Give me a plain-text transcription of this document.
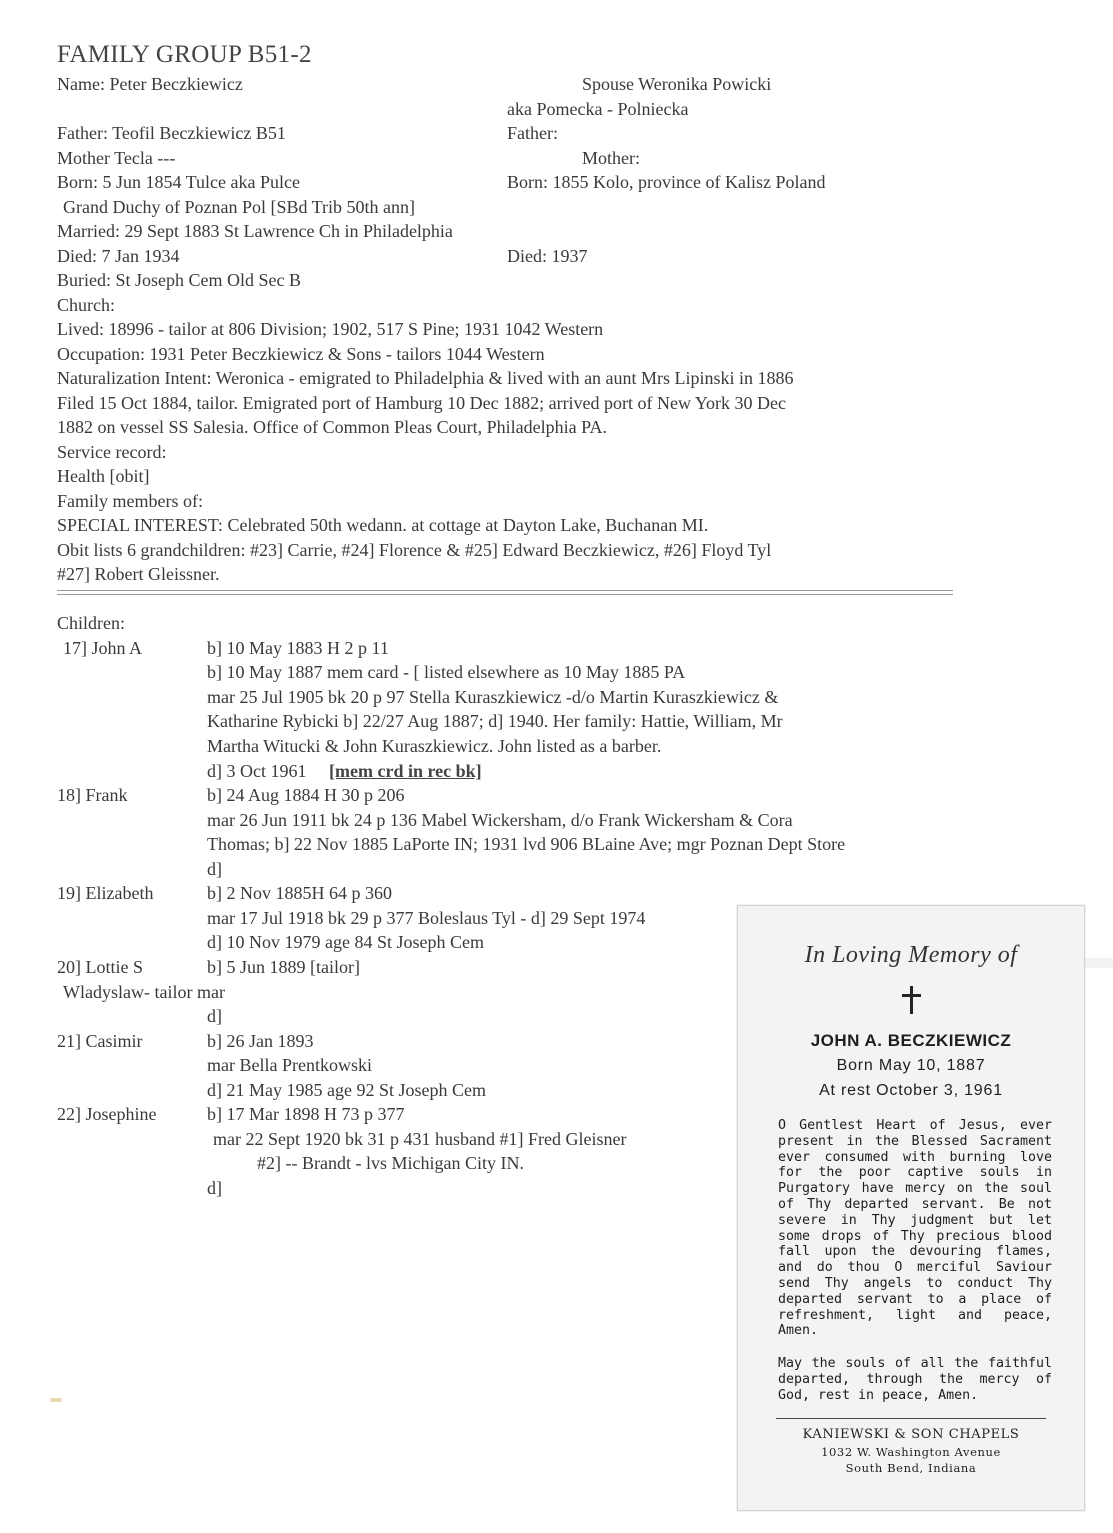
FAMILY GROUP B51-2
Name: Peter Beczkiewicz	Spouse Weronika Powicki
aka Pomecka - Polniecka
Father: Teofil Beczkiewicz B51	Father:
Mother Tecla ---	Mother:
Born: 5 Jun 1854 Tulce aka Pulce	Born: 1855 Kolo, province of Kalisz Poland
Grand Duchy of Poznan Pol [SBd Trib 50th ann]
Married: 29 Sept 1883 St Lawrence Ch in Philadelphia
Died: 7 Jan 1934	Died: 1937
Buried: St Joseph Cem Old Sec B
Church:
Lived: 18996 - tailor at 806 Division; 1902, 517 S Pine; 1931 1042 Western
Occupation: 1931 Peter Beczkiewicz & Sons - tailors 1044 Western
Naturalization Intent: Weronica - emigrated to Philadelphia & lived with an aunt Mrs Lipinski in 1886
Filed 15 Oct 1884, tailor. Emigrated port of Hamburg 10 Dec 1882; arrived port of New York 30 Dec
1882 on vessel SS Salesia. Office of Common Pleas Court, Philadelphia PA.
Service record:
Health [obit]
Family members of:
SPECIAL INTEREST: Celebrated 50th wedann. at cottage at Dayton Lake, Buchanan MI.
Obit lists 6 grandchildren: #23] Carrie, #24] Florence & #25] Edward Beczkiewicz, #26] Floyd Tyl
#27] Robert Gleissner.
Children:
17] John A	b] 10 May 1883 H 2 p 11
b] 10 May 1887 mem card - [ listed elsewhere as 10 May 1885 PA
mar 25 Jul 1905 bk 20 p 97 Stella Kuraszkiewicz -d/o Martin Kuraszkiewicz &
Katharine Rybicki b] 22/27 Aug 1887; d] 1940. Her family: Hattie, William, Mr
Martha Witucki & John Kuraszkiewicz. John listed as a barber.
d] 3 Oct 1961 [mem crd in rec bk]
18] Frank	b] 24 Aug 1884 H 30 p 206
mar 26 Jun 1911 bk 24 p 136 Mabel Wickersham, d/o Frank Wickersham & Cora
Thomas; b] 22 Nov 1885 LaPorte IN; 1931 lvd 906 BLaine Ave; mgr Poznan Dept Store
d]
19] Elizabeth	b] 2 Nov 1885H 64 p 360
mar 17 Jul 1918 bk 29 p 377 Boleslaus Tyl - d] 29 Sept 1974
d] 10 Nov 1979 age 84 St Joseph Cem
20] Lottie S	b] 5 Jun 1889 [tailor]
Wladyslaw- tailor mar
d]
21] Casimir	b] 26 Jan 1893
mar Bella Prentkowski
d] 21 May 1985 age 92 St Joseph Cem
22] Josephine	b] 17 Mar 1898 H 73 p 377
mar 22 Sept 1920 bk 31 p 431 husband #1] Fred Gleisner
#2] -- Brandt - lvs Michigan City IN.
d]
In Loving Memory of
JOHN A. BECZKIEWICZ
Born May 10, 1887
At rest October 3, 1961
O Gentlest Heart of Jesus, ever present in the Blessed Sacrament ever consumed with burning love for the poor captive souls in Purgatory have mercy on the soul of Thy departed servant. Be not severe in Thy judgment but let some drops of Thy precious blood fall upon the devouring flames, and do thou O merciful Saviour send Thy angels to conduct Thy departed servant to a place of refreshment, light and peace, Amen.
May the souls of all the faithful departed, through the mercy of God, rest in peace, Amen.
KANIEWSKI & SON CHAPELS
1032 W. Washington Avenue
South Bend, Indiana
